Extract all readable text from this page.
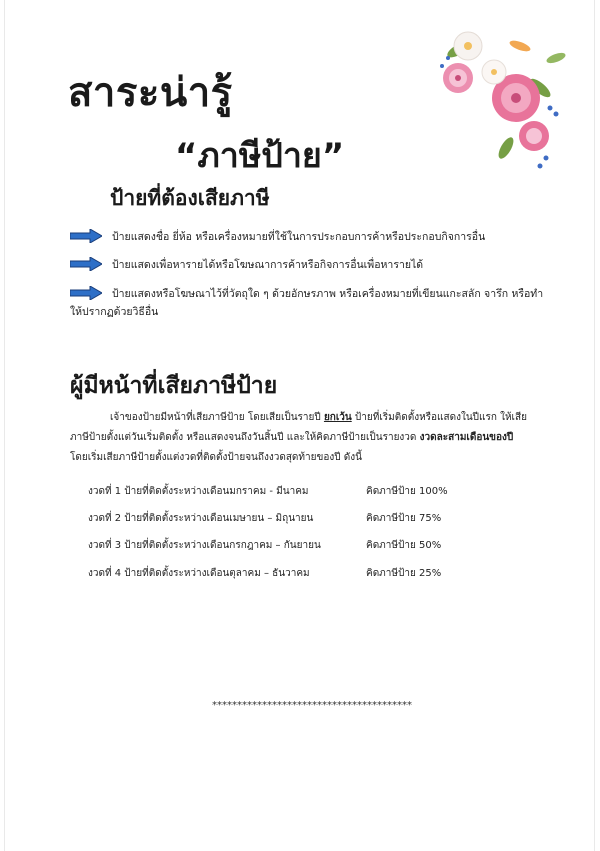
สาระน่ารู้
“ภาษีป้าย”
ป้ายที่ต้องเสียภาษี
ป้ายแสดงชื่อ ยี่ห้อ หรือเครื่องหมายที่ใช้ในการประกอบการค้าหรือประกอบกิจการอื่น
ป้ายแสดงเพื่อหารายได้หรือโฆษณาการค้าหรือกิจการอื่นเพื่อหารายได้
ป้ายแสดงหรือโฆษณาไว้ที่วัตถุใด ๆ ด้วยอักษรภาพ หรือเครื่องหมายที่เขียนแกะสลัก จารึก หรือทำ
ให้ปรากฏด้วยวิธีอื่น
ผู้มีหน้าที่เสียภาษีป้าย
เจ้าของป้ายมีหน้าที่เสียภาษีป้าย โดยเสียเป็นรายปี ยกเว้น ป้ายที่เริ่มติดตั้งหรือแสดงในปีแรก ให้เสียภาษีป้ายตั้งแต่วันเริ่มติดตั้ง หรือแสดงจนถึงวันสิ้นปี และให้คิดภาษีป้ายเป็นรายงวด งวดละสามเดือนของปี โดยเริ่มเสียภาษีป้ายตั้งแต่งวดที่ติดตั้งป้ายจนถึงงวดสุดท้ายของปี ดังนี้
งวดที่ 1 ป้ายที่ติดตั้งระหว่างเดือนมกราคม - มีนาคม	คิดภาษีป้าย 100%
งวดที่ 2 ป้ายที่ติดตั้งระหว่างเดือนเมษายน – มิถุนายน	คิดภาษีป้าย 75%
งวดที่ 3 ป้ายที่ติดตั้งระหว่างเดือนกรกฎาคม – กันยายน	คิดภาษีป้าย 50%
งวดที่ 4 ป้ายที่ติดตั้งระหว่างเดือนตุลาคม – ธันวาคม	คิดภาษีป้าย 25%
****************************************
